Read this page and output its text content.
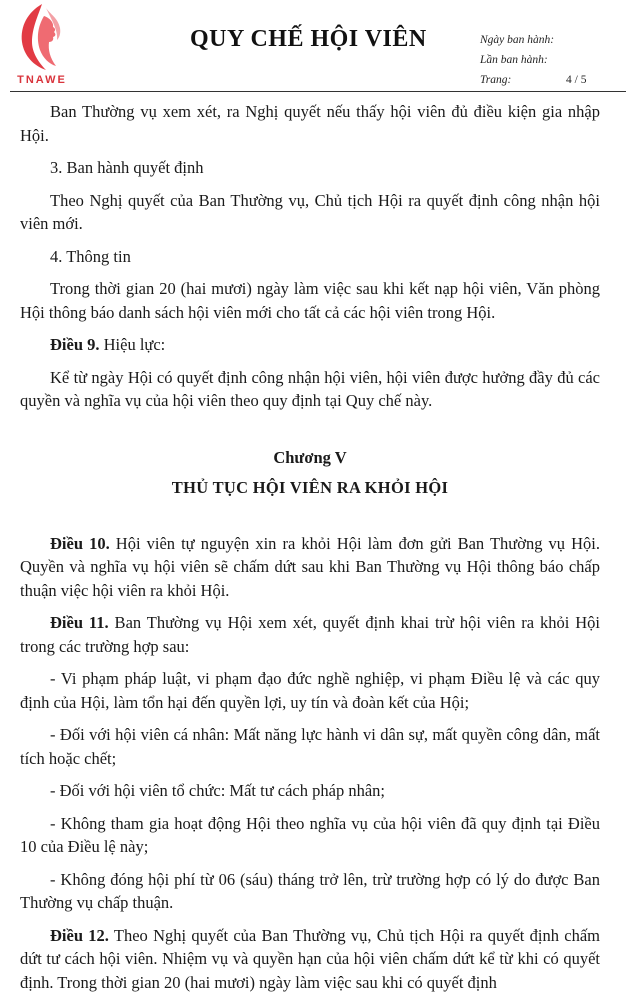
TNAWE
QUY CHẾ HỘI VIÊN	Ngày ban hành:
Lần ban hành:
Trang:	4 / 5

Ban Thường vụ xem xét, ra Nghị quyết nếu thấy hội viên đủ điều kiện gia nhập Hội.

3. Ban hành quyết định

Theo Nghị quyết của Ban Thường vụ, Chủ tịch Hội ra quyết định công nhận hội viên mới.

4. Thông tin

Trong thời gian 20 (hai mươi) ngày làm việc sau khi kết nạp hội viên, Văn phòng Hội thông báo danh sách hội viên mới cho tất cả các hội viên trong Hội.

Điều 9. Hiệu lực:

Kể từ ngày Hội có quyết định công nhận hội viên, hội viên được hưởng đầy đủ các quyền và nghĩa vụ của hội viên theo quy định tại Quy chế này.

Chương V
THỦ TỤC HỘI VIÊN RA KHỎI HỘI

Điều 10. Hội viên tự nguyện xin ra khỏi Hội làm đơn gửi Ban Thường vụ Hội. Quyền và nghĩa vụ hội viên sẽ chấm dứt sau khi Ban Thường vụ Hội thông báo chấp thuận việc hội viên ra khỏi Hội.

Điều 11. Ban Thường vụ Hội xem xét, quyết định khai trừ hội viên ra khỏi Hội trong các trường hợp sau:

- Vi phạm pháp luật, vi phạm đạo đức nghề nghiệp, vi phạm Điều lệ và các quy định của Hội, làm tổn hại đến quyền lợi, uy tín và đoàn kết của Hội;

- Đối với hội viên cá nhân: Mất năng lực hành vi dân sự, mất quyền công dân, mất tích hoặc chết;

- Đối với hội viên tổ chức: Mất tư cách pháp nhân;

- Không tham gia hoạt động Hội theo nghĩa vụ của hội viên đã quy định tại Điều 10 của Điều lệ này;

- Không đóng hội phí từ 06 (sáu) tháng trở lên, trừ trường hợp có lý do được Ban Thường vụ chấp thuận.

Điều 12. Theo Nghị quyết của Ban Thường vụ, Chủ tịch Hội ra quyết định chấm dứt tư cách hội viên. Nhiệm vụ và quyền hạn của hội viên chấm dứt kể từ khi có quyết định. Trong thời gian 20 (hai mươi) ngày làm việc sau khi có quyết định
